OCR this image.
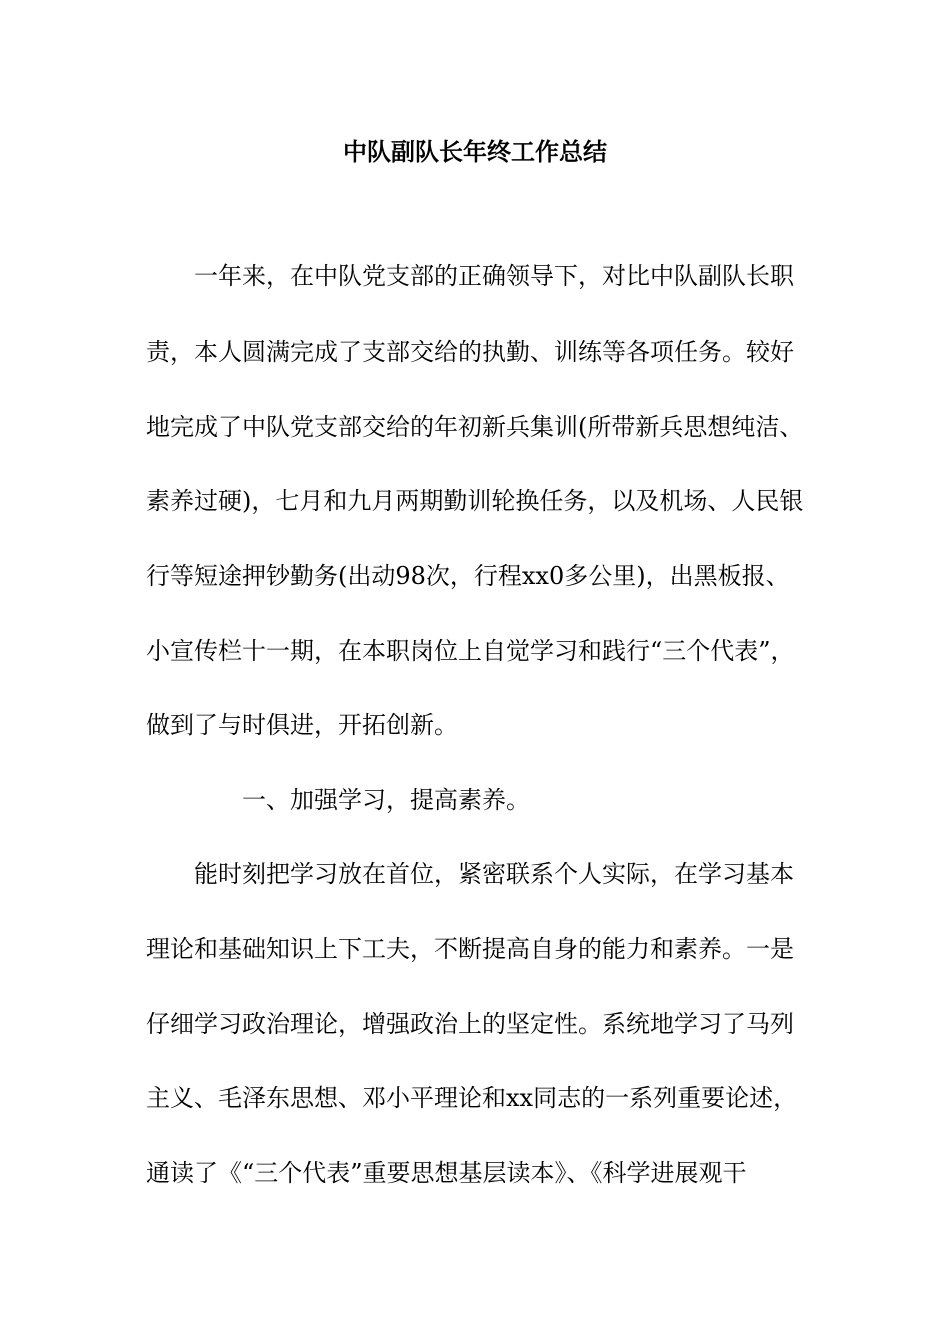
中队副队长年终工作总结
一年来，在中队党支部的正确领导下，对比中队副队长职
责，本人圆满完成了支部交给的执勤、训练等各项任务。较好
地完成了中队党支部交给的年初新兵集训(所带新兵思想纯洁、
素养过硬)，七月和九月两期勤训轮换任务，以及机场、人民银
行等短途押钞勤务(出动98次，行程xx0多公里)，出黑板报、
小宣传栏十一期，在本职岗位上自觉学习和践行“三个代表”，
做到了与时俱进，开拓创新。
一、加强学习，提高素养。
能时刻把学习放在首位，紧密联系个人实际，在学习基本
理论和基础知识上下工夫，不断提高自身的能力和素养。一是
仔细学习政治理论，增强政治上的坚定性。系统地学习了马列
主义、毛泽东思想、邓小平理论和xx同志的一系列重要论述，
通读了《“三个代表”重要思想基层读本》、《科学进展观干
